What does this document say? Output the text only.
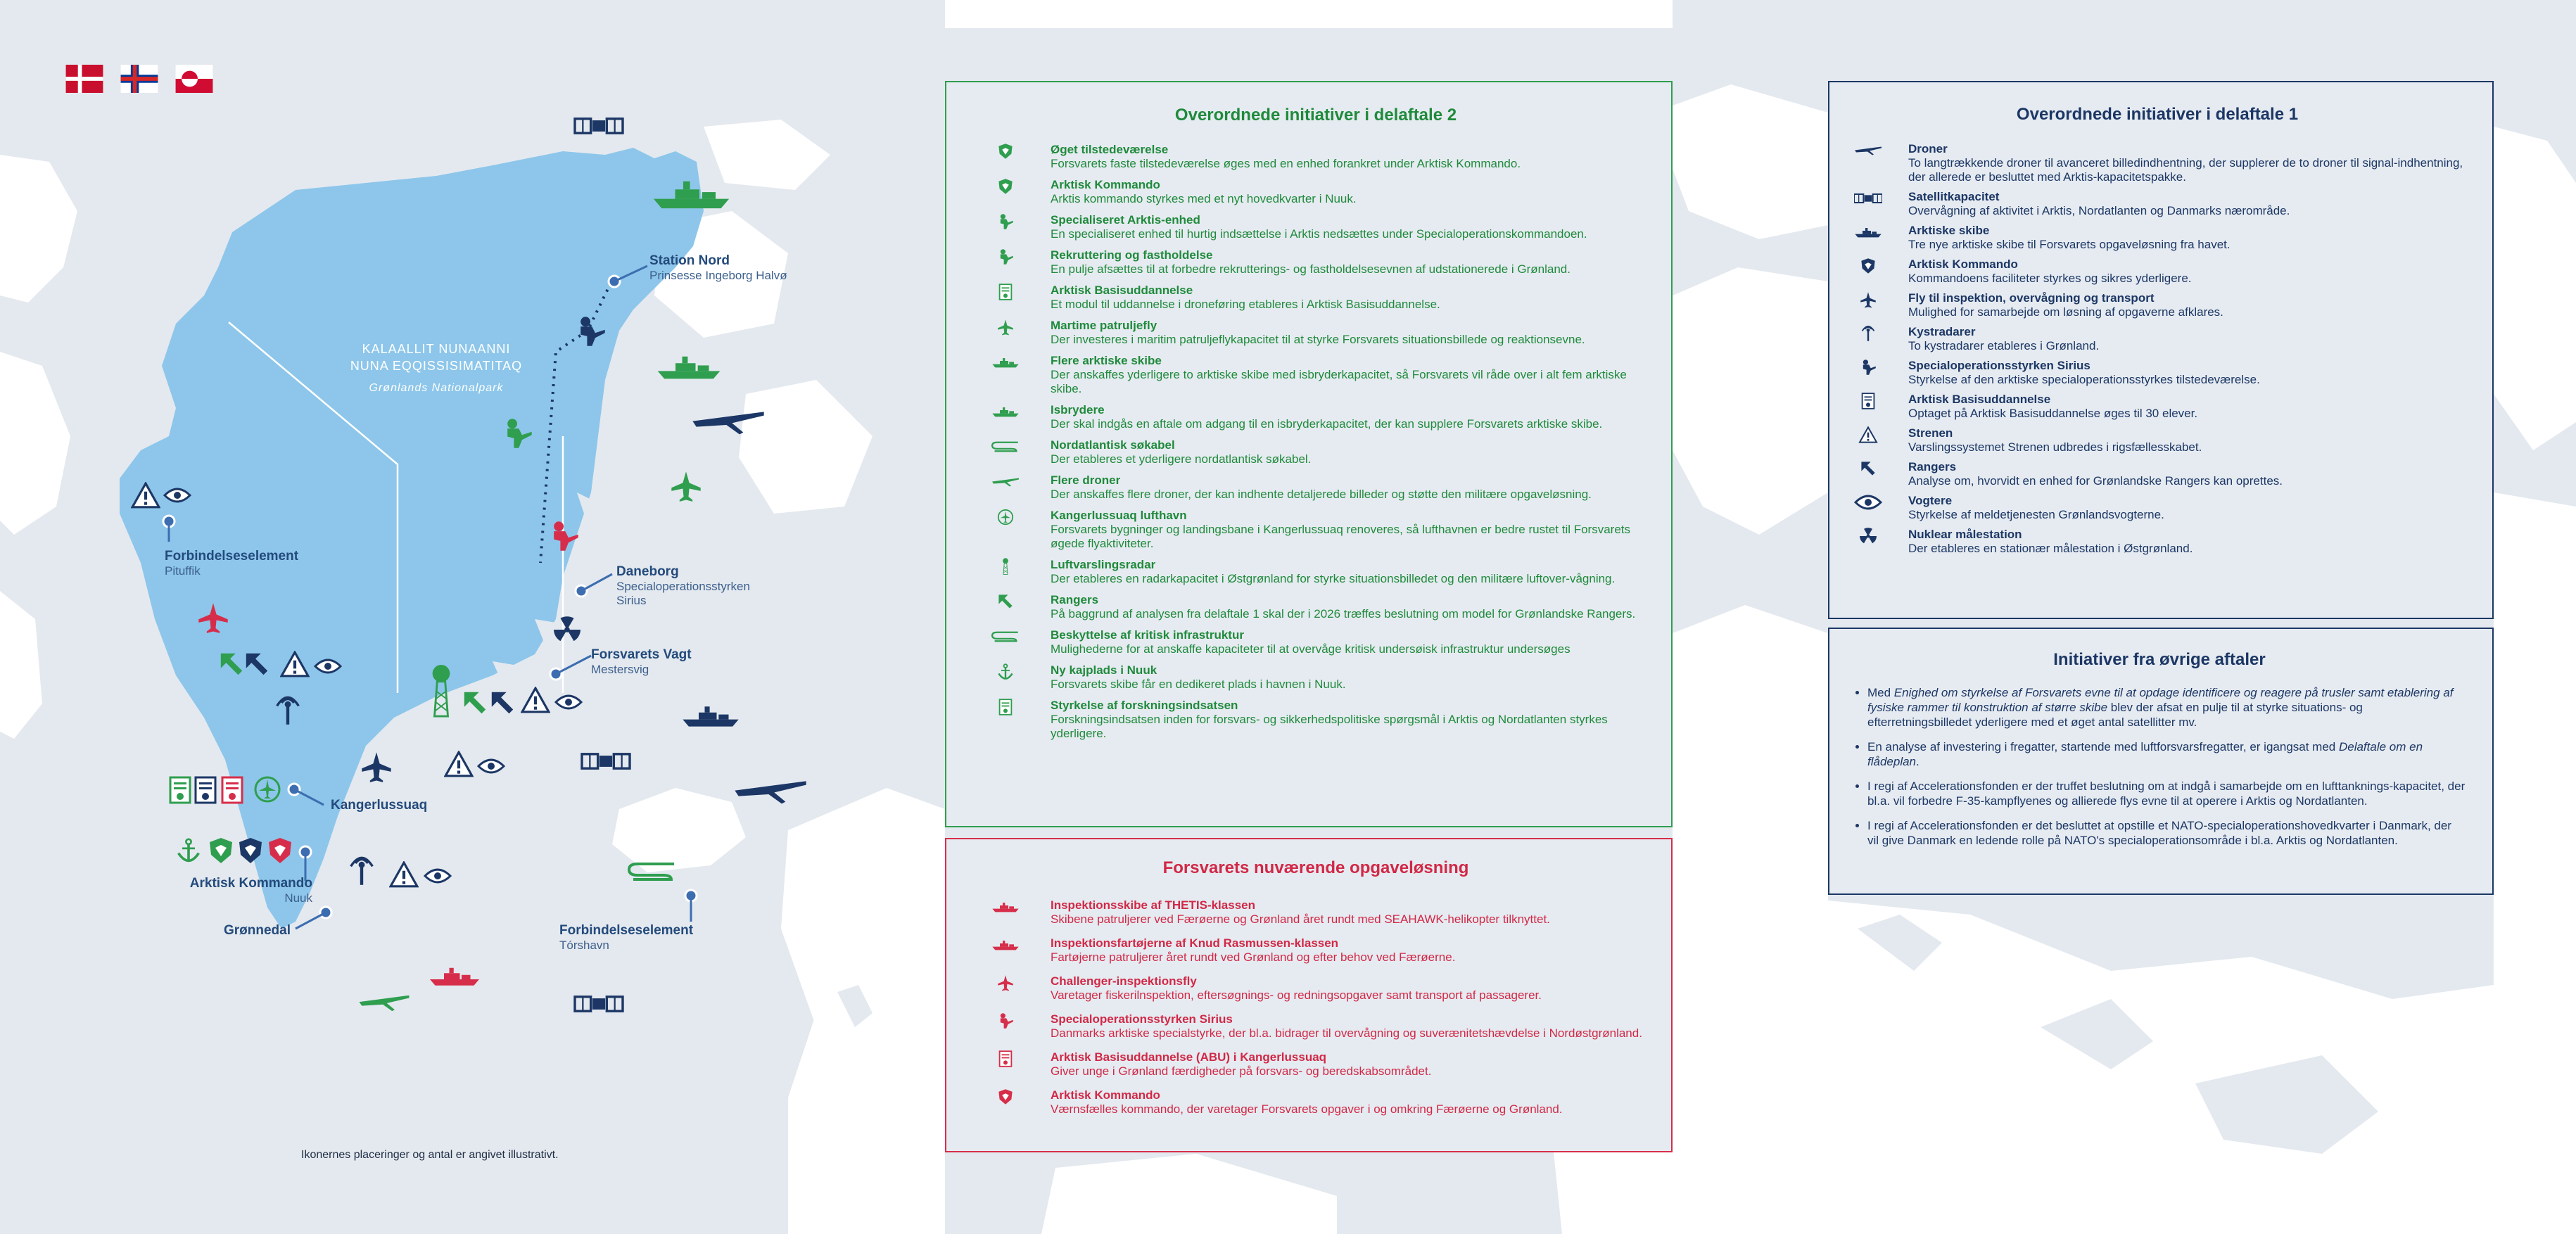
KALAALLIT NUNAANNI
NUNA EQQISSISIMATITAQ
Grønlands Nationalpark
Station Nord
Prinsesse Ingeborg Halvø
Forbindelseselement
Pituffik	Daneborg
Specialoperationsstyrken
Sirius
Forsvarets Vagt
Mestersvig
Kangerlussuaq
Arktisk Kommando
Nuuk
Grønnedal	Forbindelseselement
Tórshavn
Ikonernes placeringer og antal er angivet illustrativt.
Overordnede initiativer i delaftale 2
Øget tilstedeværelse
Forsvarets faste tilstedeværelse øges med en enhed forankret under Arktisk Kommando.
Arktisk Kommando
Arktis kommando styrkes med et nyt hovedkvarter i Nuuk.
Specialiseret Arktis-enhed
En specialiseret enhed til hurtig indsættelse i Arktis nedsættes under Specialoperationskommandoen.
Rekruttering og fastholdelse
En pulje afsættes til at forbedre rekrutterings- og fastholdelsesevnen af udstationerede i Grønland.
Arktisk Basisuddannelse
Et modul til uddannelse i droneføring etableres i Arktisk Basisuddannelse.
Martime patruljefly
Der investeres i maritim patruljeflykapacitet til at styrke Forsvarets situationsbillede og reaktionsevne.
Flere arktiske skibe
Der anskaffes yderligere to arktiske skibe med isbryderkapacitet, så Forsvarets vil råde over i alt fem arktiske skibe.
Isbrydere
Der skal indgås en aftale om adgang til en isbryderkapacitet, der kan supplere Forsvarets arktiske skibe.
Nordatlantisk søkabel
Der etableres et yderligere nordatlantisk søkabel.
Flere droner
Der anskaffes flere droner, der kan indhente detaljerede billeder og støtte den militære opgaveløsning.
Kangerlussuaq lufthavn
Forsvarets bygninger og landingsbane i Kangerlussuaq renoveres, så lufthavnen er bedre rustet til Forsvarets øgede flyaktiviteter.
Luftvarslingsradar
Der etableres en radarkapacitet i Østgrønland for styrke situationsbilledet og den militære luftover-vågning.
Rangers
På baggrund af analysen fra delaftale 1 skal der i 2026 træffes beslutning om model for Grønlandske Rangers.
Beskyttelse af kritisk infrastruktur
Mulighederne for at anskaffe kapaciteter til at overvåge kritisk undersøisk infrastruktur undersøges
Ny kajplads i Nuuk
Forsvarets skibe får en dedikeret plads i havnen i Nuuk.
Styrkelse af forskningsindsatsen
Forskningsindsatsen inden for forsvars- og sikkerhedspolitiske spørgsmål i Arktis og Nordatlanten styrkes yderligere.
Forsvarets nuværende opgaveløsning
Inspektionsskibe af THETIS-klassen
Skibene patruljerer ved Færøerne og Grønland året rundt med SEAHAWK-helikopter tilknyttet.
Inspektionsfartøjerne af Knud Rasmussen-klassen
Fartøjerne patruljerer året rundt ved Grønland og efter behov ved Færøerne.
Challenger-inspektionsfly
Varetager fiskerilnspektion, eftersøgnings- og redningsopgaver samt transport af passagerer.
Specialoperationsstyrken Sirius
Danmarks arktiske specialstyrke, der bl.a. bidrager til overvågning og suverænitetshævdelse i Nordøstgrønland.
Arktisk Basisuddannelse (ABU) i Kangerlussuaq
Giver unge i Grønland færdigheder på forsvars- og beredskabsområdet.
Arktisk Kommando
Værnsfælles kommando, der varetager Forsvarets opgaver i og omkring Færøerne og Grønland.
Overordnede initiativer i delaftale 1
Droner
To langtrækkende droner til avanceret billedindhentning, der supplerer de to droner til signal-indhentning, der allerede er besluttet med Arktis-kapacitetspakke.
Satellitkapacitet
Overvågning af aktivitet i Arktis, Nordatlanten og Danmarks nærområde.
Arktiske skibe
Tre nye arktiske skibe til Forsvarets opgaveløsning fra havet.
Arktisk Kommando
Kommandoens faciliteter styrkes og sikres yderligere.
Fly til inspektion, overvågning og transport
Mulighed for samarbejde om løsning af opgaverne afklares.
Kystradarer
To kystradarer etableres i Grønland.
Specialoperationsstyrken Sirius
Styrkelse af den arktiske specialoperationsstyrkes tilstedeværelse.
Arktisk Basisuddannelse
Optaget på Arktisk Basisuddannelse øges til 30 elever.
Strenen
Varslingssystemet Strenen udbredes i rigsfællesskabet.
Rangers
Analyse om, hvorvidt en enhed for Grønlandske Rangers kan oprettes.
Vogtere
Styrkelse af meldetjenesten Grønlandsvogterne.
Nuklear målestation
Der etableres en stationær målestation i Østgrønland.
Initiativer fra øvrige aftaler
• Med Enighed om styrkelse af Forsvarets evne til at opdage identificere og reagere på trusler samt etablering af fysiske rammer til konstruktion af større skibe blev der afsat en pulje til at styrke situations- og efterretningsbilledet yderligere med et øget antal satellitter mv.
• En analyse af investering i fregatter, startende med luftforsvarsfregatter, er igangsat med Delaftale om en flådeplan.
• I regi af Accelerationsfonden er der truffet beslutning om at indgå i samarbejde om en lufttanknings-kapacitet, der bl.a. vil forbedre F-35-kampflyenes og allierede flys evne til at operere i Arktis og Nordatlanten.
• I regi af Accelerationsfonden er det besluttet at opstille et NATO-specialoperationshovedkvarter i Danmark, der vil give Danmark en ledende rolle på NATO's specialoperationsområde i bl.a. Arktis og Nordatlanten.
